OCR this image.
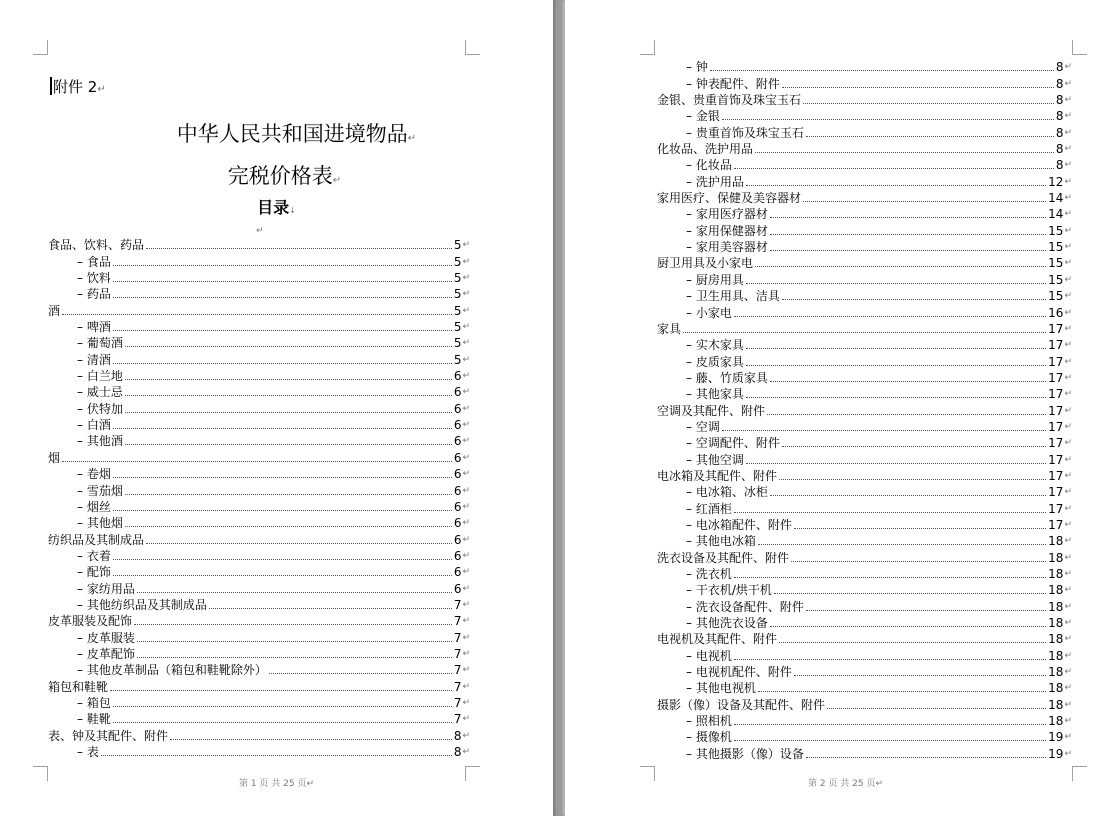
附件 2↵
中华人民共和国进境物品↵
完税价格表↵
目录↓
↵
食品、饮料、药品	5 ↵
– 食品	5 ↵
– 饮料	5 ↵
– 药品	5 ↵
酒	5 ↵
– 啤酒	5 ↵
– 葡萄酒	5 ↵
– 清酒	5 ↵
– 白兰地	6 ↵
– 威士忌	6 ↵
– 伏特加	6 ↵
– 白酒	6 ↵
– 其他酒	6 ↵
烟	6 ↵
– 卷烟	6 ↵
– 雪茄烟	6 ↵
– 烟丝	6 ↵
– 其他烟	6 ↵
纺织品及其制成品	6 ↵
– 衣着	6 ↵
– 配饰	6 ↵
– 家纺用品	6 ↵
– 其他纺织品及其制成品	7 ↵
皮革服装及配饰	7 ↵
– 皮革服装	7 ↵
– 皮革配饰	7 ↵
– 其他皮革制品（箱包和鞋靴除外）	7 ↵
箱包和鞋靴	7 ↵
– 箱包	7 ↵
– 鞋靴	7 ↵
表、钟及其配件、附件	8 ↵
– 表	8 ↵
第 1 页 共 25 页↵
– 钟	8 ↵
– 钟表配件、附件	8 ↵
金银、贵重首饰及珠宝玉石	8 ↵
– 金银	8 ↵
– 贵重首饰及珠宝玉石	8 ↵
化妆品、洗护用品	8 ↵
– 化妆品	8 ↵
– 洗护用品	12 ↵
家用医疗、保健及美容器材	14 ↵
– 家用医疗器材	14 ↵
– 家用保健器材	15 ↵
– 家用美容器材	15 ↵
厨卫用具及小家电	15 ↵
– 厨房用具	15 ↵
– 卫生用具、洁具	15 ↵
– 小家电	16 ↵
家具	17 ↵
– 实木家具	17 ↵
– 皮质家具	17 ↵
– 藤、竹质家具	17 ↵
– 其他家具	17 ↵
空调及其配件、附件	17 ↵
– 空调	17 ↵
– 空调配件、附件	17 ↵
– 其他空调	17 ↵
电冰箱及其配件、附件	17 ↵
– 电冰箱、冰柜	17 ↵
– 红酒柜	17 ↵
– 电冰箱配件、附件	17 ↵
– 其他电冰箱	18 ↵
洗衣设备及其配件、附件	18 ↵
– 洗衣机	18 ↵
– 干衣机/烘干机	18 ↵
– 洗衣设备配件、附件	18 ↵
– 其他洗衣设备	18 ↵
电视机及其配件、附件	18 ↵
– 电视机	18 ↵
– 电视机配件、附件	18 ↵
– 其他电视机	18 ↵
摄影（像）设备及其配件、附件	18 ↵
– 照相机	18 ↵
– 摄像机	19 ↵
– 其他摄影（像）设备	19 ↵
第 2 页 共 25 页↵
